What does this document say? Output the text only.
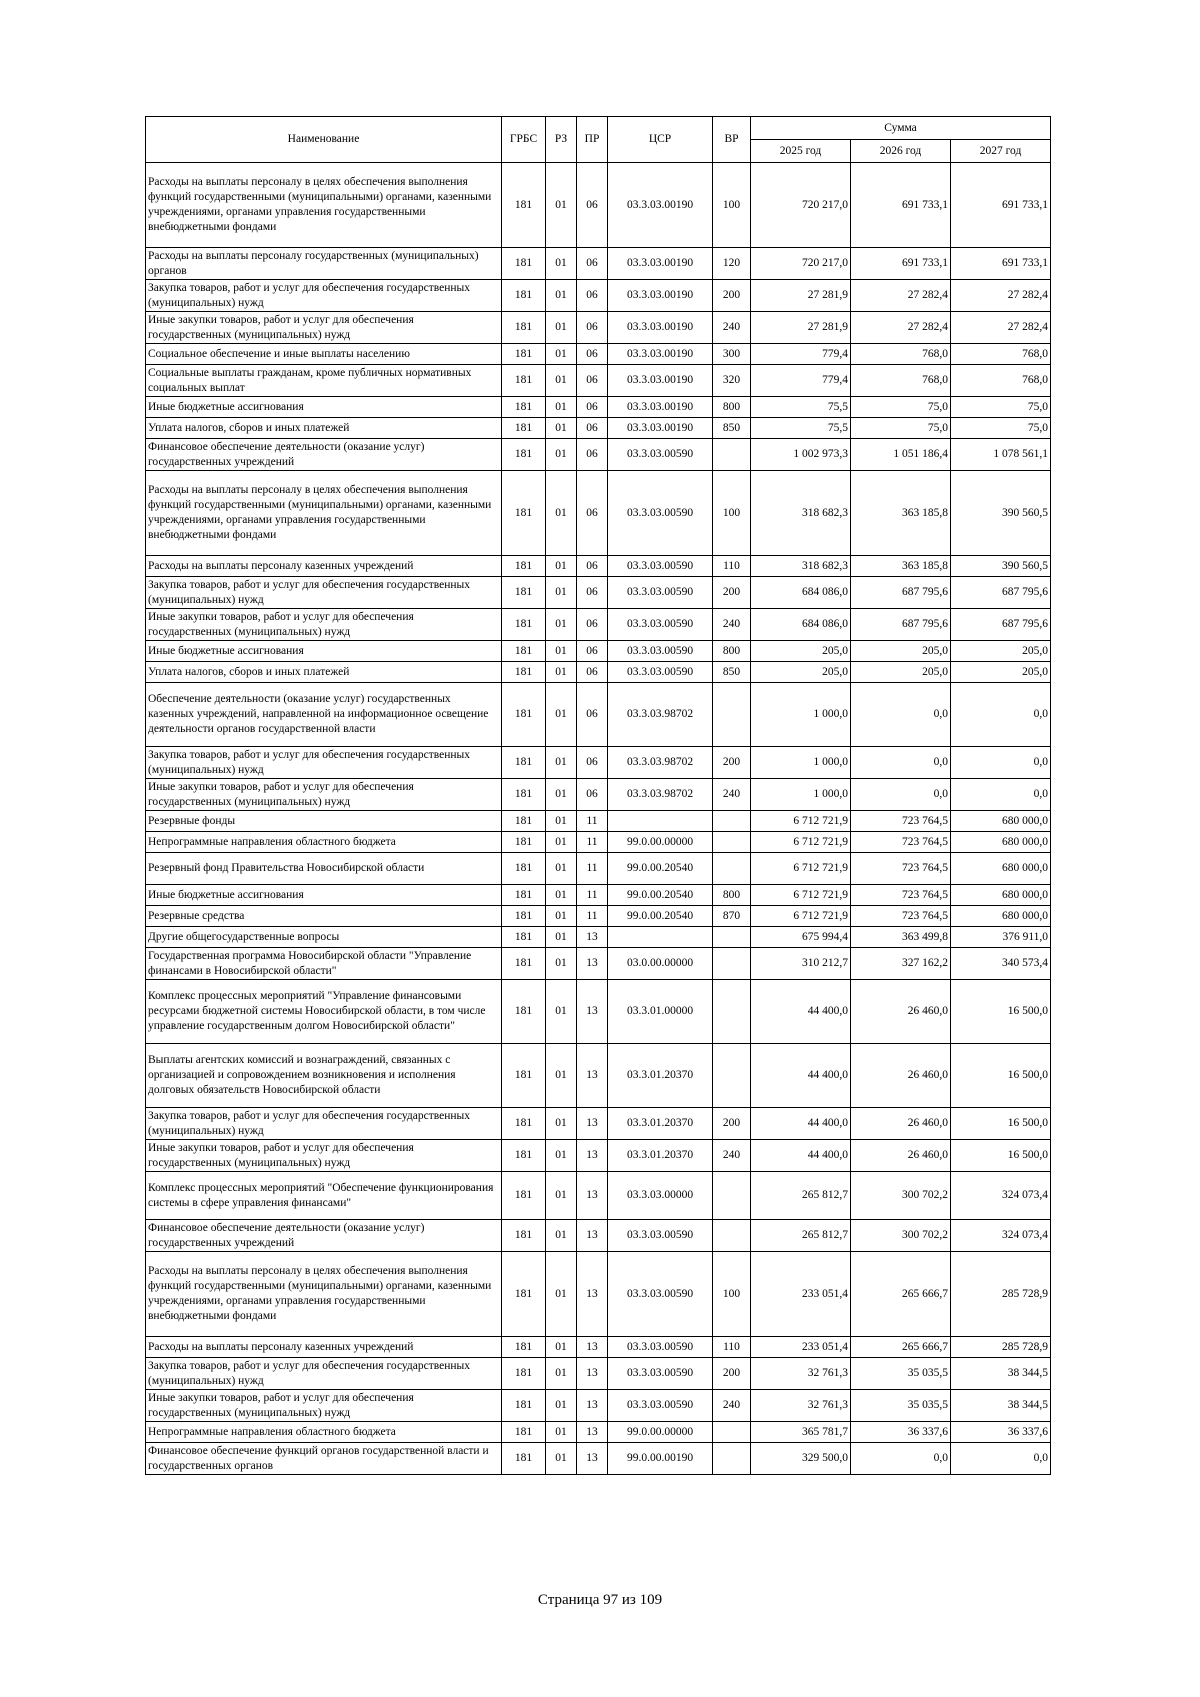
Наименование	ГРБС	РЗ	ПР	ЦСР	ВР	Сумма		
						2025 год	2026 год	2027 год
Расходы на выплаты персоналу в целях обеспечения выполнения функций государственными (муниципальными) органами, казенными учреждениями, органами управления государственными внебюджетными фондами	181	01	06	03.3.03.00190	100	720 217,0	691 733,1	691 733,1
Расходы на выплаты персоналу государственных (муниципальных) органов	181	01	06	03.3.03.00190	120	720 217,0	691 733,1	691 733,1
Закупка товаров, работ и услуг для обеспечения государственных (муниципальных) нужд	181	01	06	03.3.03.00190	200	27 281,9	27 282,4	27 282,4
Иные закупки товаров, работ и услуг для обеспечения государственных (муниципальных) нужд	181	01	06	03.3.03.00190	240	27 281,9	27 282,4	27 282,4
Социальное обеспечение и иные выплаты населению	181	01	06	03.3.03.00190	300	779,4	768,0	768,0
Социальные выплаты гражданам, кроме публичных нормативных социальных выплат	181	01	06	03.3.03.00190	320	779,4	768,0	768,0
Иные бюджетные ассигнования	181	01	06	03.3.03.00190	800	75,5	75,0	75,0
Уплата налогов, сборов и иных платежей	181	01	06	03.3.03.00190	850	75,5	75,0	75,0
Финансовое обеспечение деятельности (оказание услуг) государственных учреждений	181	01	06	03.3.03.00590		1 002 973,3	1 051 186,4	1 078 561,1
Расходы на выплаты персоналу в целях обеспечения выполнения функций государственными (муниципальными) органами, казенными учреждениями, органами управления государственными внебюджетными фондами	181	01	06	03.3.03.00590	100	318 682,3	363 185,8	390 560,5
Расходы на выплаты персоналу казенных учреждений	181	01	06	03.3.03.00590	110	318 682,3	363 185,8	390 560,5
Закупка товаров, работ и услуг для обеспечения государственных (муниципальных) нужд	181	01	06	03.3.03.00590	200	684 086,0	687 795,6	687 795,6
Иные закупки товаров, работ и услуг для обеспечения государственных (муниципальных) нужд	181	01	06	03.3.03.00590	240	684 086,0	687 795,6	687 795,6
Иные бюджетные ассигнования	181	01	06	03.3.03.00590	800	205,0	205,0	205,0
Уплата налогов, сборов и иных платежей	181	01	06	03.3.03.00590	850	205,0	205,0	205,0
Обеспечение деятельности (оказание услуг) государственных казенных учреждений, направленной на информационное освещение деятельности органов государственной власти	181	01	06	03.3.03.98702		1 000,0	0,0	0,0
Закупка товаров, работ и услуг для обеспечения государственных (муниципальных) нужд	181	01	06	03.3.03.98702	200	1 000,0	0,0	0,0
Иные закупки товаров, работ и услуг для обеспечения государственных (муниципальных) нужд	181	01	06	03.3.03.98702	240	1 000,0	0,0	0,0
Резервные фонды	181	01	11			6 712 721,9	723 764,5	680 000,0
Непрограммные направления областного бюджета	181	01	11	99.0.00.00000		6 712 721,9	723 764,5	680 000,0
Резервный фонд Правительства Новосибирской области	181	01	11	99.0.00.20540		6 712 721,9	723 764,5	680 000,0
Иные бюджетные ассигнования	181	01	11	99.0.00.20540	800	6 712 721,9	723 764,5	680 000,0
Резервные средства	181	01	11	99.0.00.20540	870	6 712 721,9	723 764,5	680 000,0
Другие общегосударственные вопросы	181	01	13			675 994,4	363 499,8	376 911,0
Государственная программа Новосибирской области "Управление финансами в Новосибирской области"	181	01	13	03.0.00.00000		310 212,7	327 162,2	340 573,4
Комплекс процессных мероприятий "Управление финансовыми ресурсами бюджетной системы Новосибирской области, в том числе управление государственным долгом Новосибирской области"	181	01	13	03.3.01.00000		44 400,0	26 460,0	16 500,0
Выплаты агентских комиссий и вознаграждений, связанных с организацией и сопровождением возникновения и исполнения долговых обязательств Новосибирской области	181	01	13	03.3.01.20370		44 400,0	26 460,0	16 500,0
Закупка товаров, работ и услуг для обеспечения государственных (муниципальных) нужд	181	01	13	03.3.01.20370	200	44 400,0	26 460,0	16 500,0
Иные закупки товаров, работ и услуг для обеспечения государственных (муниципальных) нужд	181	01	13	03.3.01.20370	240	44 400,0	26 460,0	16 500,0
Комплекс процессных мероприятий "Обеспечение функционирования системы в сфере управления финансами"	181	01	13	03.3.03.00000		265 812,7	300 702,2	324 073,4
Финансовое обеспечение деятельности (оказание услуг) государственных учреждений	181	01	13	03.3.03.00590		265 812,7	300 702,2	324 073,4
Расходы на выплаты персоналу в целях обеспечения выполнения функций государственными (муниципальными) органами, казенными учреждениями, органами управления государственными внебюджетными фондами	181	01	13	03.3.03.00590	100	233 051,4	265 666,7	285 728,9
Расходы на выплаты персоналу казенных учреждений	181	01	13	03.3.03.00590	110	233 051,4	265 666,7	285 728,9
Закупка товаров, работ и услуг для обеспечения государственных (муниципальных) нужд	181	01	13	03.3.03.00590	200	32 761,3	35 035,5	38 344,5
Иные закупки товаров, работ и услуг для обеспечения государственных (муниципальных) нужд	181	01	13	03.3.03.00590	240	32 761,3	35 035,5	38 344,5
Непрограммные направления областного бюджета	181	01	13	99.0.00.00000		365 781,7	36 337,6	36 337,6
Финансовое обеспечение функций органов государственной власти и государственных органов	181	01	13	99.0.00.00190		329 500,0	0,0	0,0
Страница 97 из 109
